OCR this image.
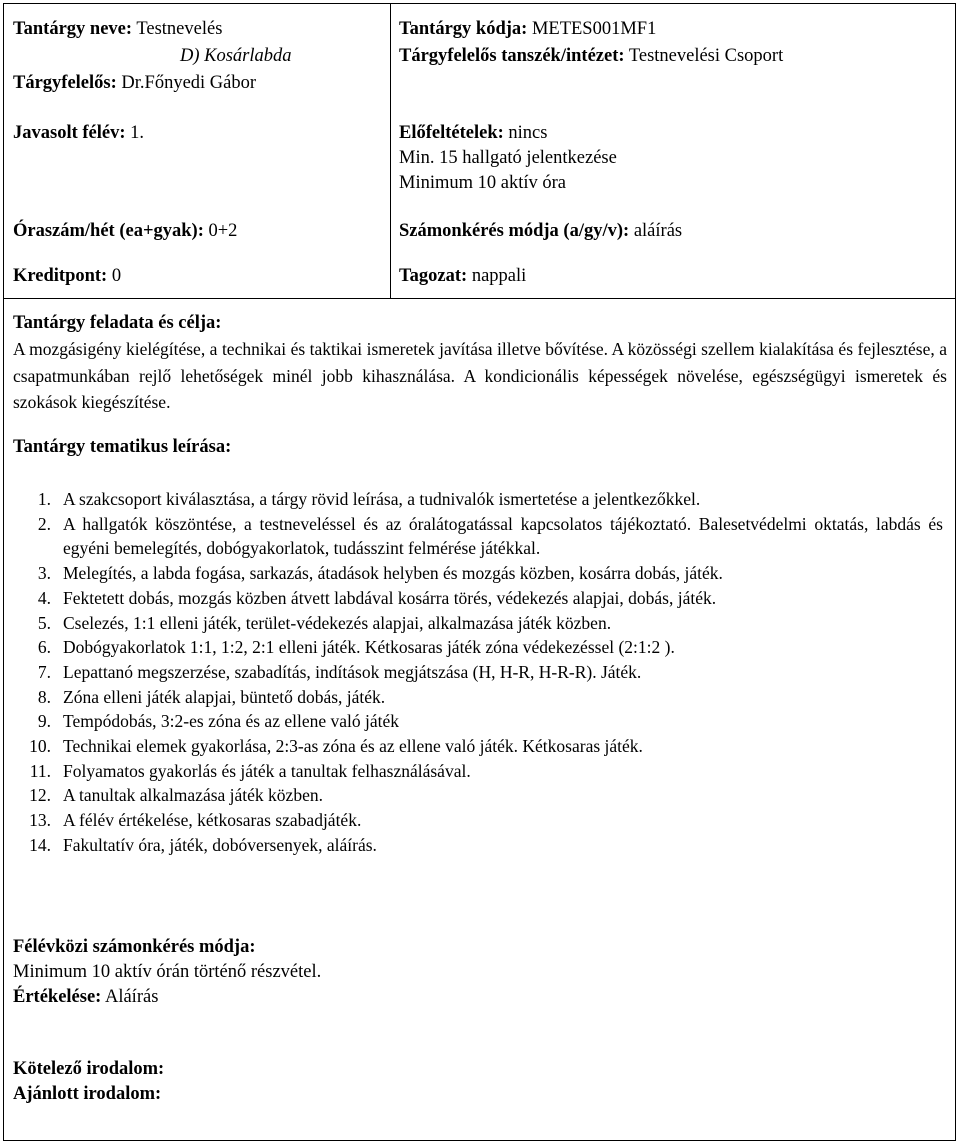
Tantárgy neve: Testnevelés
D) Kosárlabda
Tárgyfelelős: Dr.Főnyedi Gábor
Javasolt félév: 1.
Óraszám/hét (ea+gyak): 0+2
Kreditpont: 0
Tantárgy kódja: METES001MF1
Tárgyfelelős tanszék/intézet: Testnevelési Csoport
Előfeltételek: nincs
Min. 15 hallgató jelentkezése
Minimum 10 aktív óra
Számonkérés módja (a/gy/v): aláírás
Tagozat: nappali
Tantárgy feladata és célja:
A mozgásigény kielégítése, a technikai és taktikai ismeretek javítása illetve bővítése. A közösségi szellem kialakítása és fejlesztése, a csapatmunkában rejlő lehetőségek minél jobb kihasználása. A kondicionális képességek növelése, egészségügyi ismeretek és szokások kiegészítése.
Tantárgy tematikus leírása:
1. A szakcsoport kiválasztása, a tárgy rövid leírása, a tudnivalók ismertetése a jelentkezőkkel.
2. A hallgatók köszöntése, a testneveléssel és az óralátogatással kapcsolatos tájékoztató. Balesetvédelmi oktatás, labdás és egyéni bemelegítés, dobógyakorlatok, tudásszint felmérése játékkal.
3. Melegítés, a labda fogása, sarkazás, átadások helyben és mozgás közben, kosárra dobás, játék.
4. Fektetett dobás, mozgás közben átvett labdával kosárra törés, védekezés alapjai, dobás, játék.
5. Cselezés, 1:1 elleni játék, terület-védekezés alapjai, alkalmazása játék közben.
6. Dobógyakorlatok 1:1, 1:2, 2:1 elleni játék. Kétkosaras játék zóna védekezéssel (2:1:2 ).
7. Lepattanó megszerzése, szabadítás, indítások megjátszása (H, H-R, H-R-R). Játék.
8. Zóna elleni játék alapjai, büntető dobás, játék.
9. Tempódobás, 3:2-es zóna és az ellene való játék
10. Technikai elemek gyakorlása, 2:3-as zóna és az ellene való játék. Kétkosaras játék.
11. Folyamatos gyakorlás és játék a tanultak felhasználásával.
12. A tanultak alkalmazása játék közben.
13. A félév értékelése, kétkosaras szabadjáték.
14. Fakultatív óra, játék, dobóversenyek, aláírás.
Félévközi számonkérés módja:
Minimum 10 aktív órán történő részvétel.
Értékelése: Aláírás
Kötelező irodalom:
Ajánlott irodalom:
